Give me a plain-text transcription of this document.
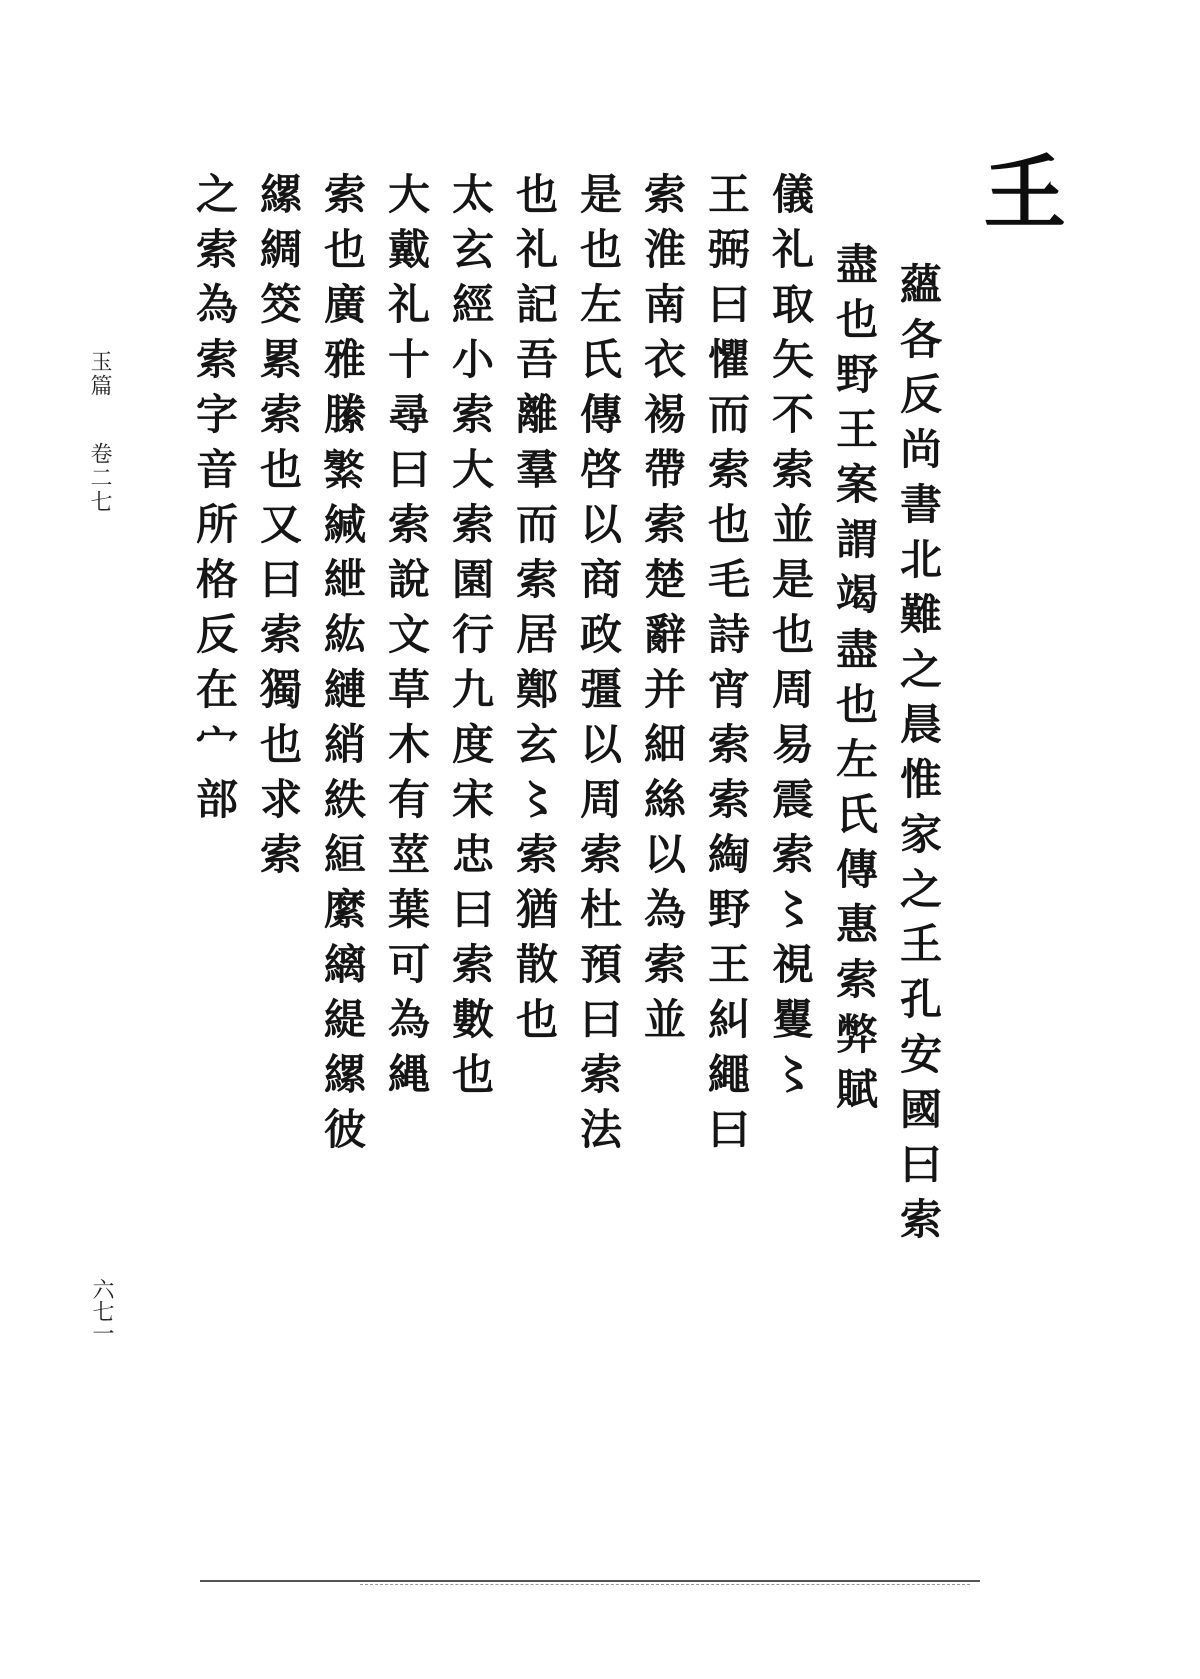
玉篇  卷二七
六七一
𡈼
蘊各反尚書北難之晨惟家之𡈼孔安國曰索
盡也野王案謂竭盡也左氏傳惠索弊賦
儀礼取矢不索並是也周易震索〻視矍〻
王弼曰懼而索也毛詩宵索索綯野王糾繩曰
索淮南衣裼帶索楚辭并細絲以為索並
是也左氏傳啓以商政彊以周索杜預曰索法
也礼記吾離羣而索居鄭玄〻索猶散也
太玄經小索大索園行九度宋忠曰索數也
大戴礼十尋曰索說文草木有莖葉可為縄
索也廣雅縢𦅾緘紲紘縺綃紩絙縻縭緹縲彼
縲綢筊累索也又曰索獨也求索
之索為索字音所格反在宀部
